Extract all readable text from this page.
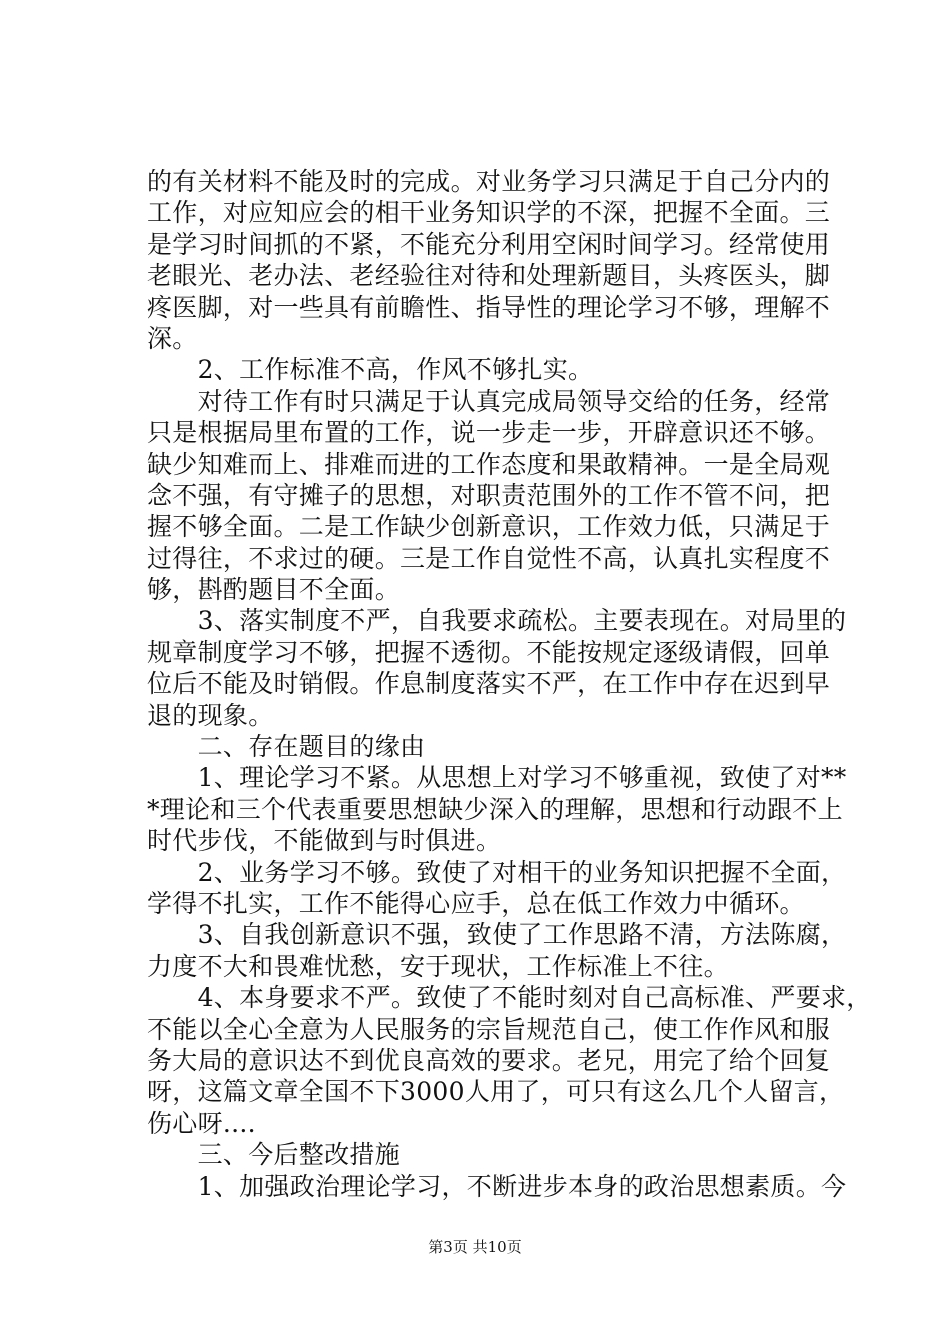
的有关材料不能及时的完成。对业务学习只满足于自己分内的
工作，对应知应会的相干业务知识学的不深，把握不全面。三
是学习时间抓的不紧，不能充分利用空闲时间学习。经常使用
老眼光、老办法、老经验往对待和处理新题目，头疼医头，脚
疼医脚，对一些具有前瞻性、指导性的理论学习不够，理解不
深。
　　2、工作标准不高，作风不够扎实。
　　对待工作有时只满足于认真完成局领导交给的任务，经常
只是根据局里布置的工作，说一步走一步，开辟意识还不够。
缺少知难而上、排难而进的工作态度和果敢精神。一是全局观
念不强，有守摊子的思想，对职责范围外的工作不管不问，把
握不够全面。二是工作缺少创新意识，工作效力低，只满足于
过得往，不求过的硬。三是工作自觉性不高，认真扎实程度不
够，斟酌题目不全面。
　　3、落实制度不严，自我要求疏松。主要表现在。对局里的
规章制度学习不够，把握不透彻。不能按规定逐级请假，回单
位后不能及时销假。作息制度落实不严，在工作中存在迟到早
退的现象。
　　二、存在题目的缘由
　　1、理论学习不紧。从思想上对学习不够重视，致使了对**
*理论和三个代表重要思想缺少深入的理解，思想和行动跟不上
时代步伐，不能做到与时俱进。
　　2、业务学习不够。致使了对相干的业务知识把握不全面，
学得不扎实，工作不能得心应手，总在低工作效力中循环。
　　3、自我创新意识不强，致使了工作思路不清，方法陈腐，
力度不大和畏难忧愁，安于现状，工作标准上不往。
　　4、本身要求不严。致使了不能时刻对自己高标准、严要求，
不能以全心全意为人民服务的宗旨规范自己，使工作作风和服
务大局的意识达不到优良高效的要求。老兄，用完了给个回复
呀，这篇文章全国不下3000人用了，可只有这么几个人留言，
伤心呀....
　　三、今后整改措施
　　1、加强政治理论学习，不断进步本身的政治思想素质。今
第3页 共10页
